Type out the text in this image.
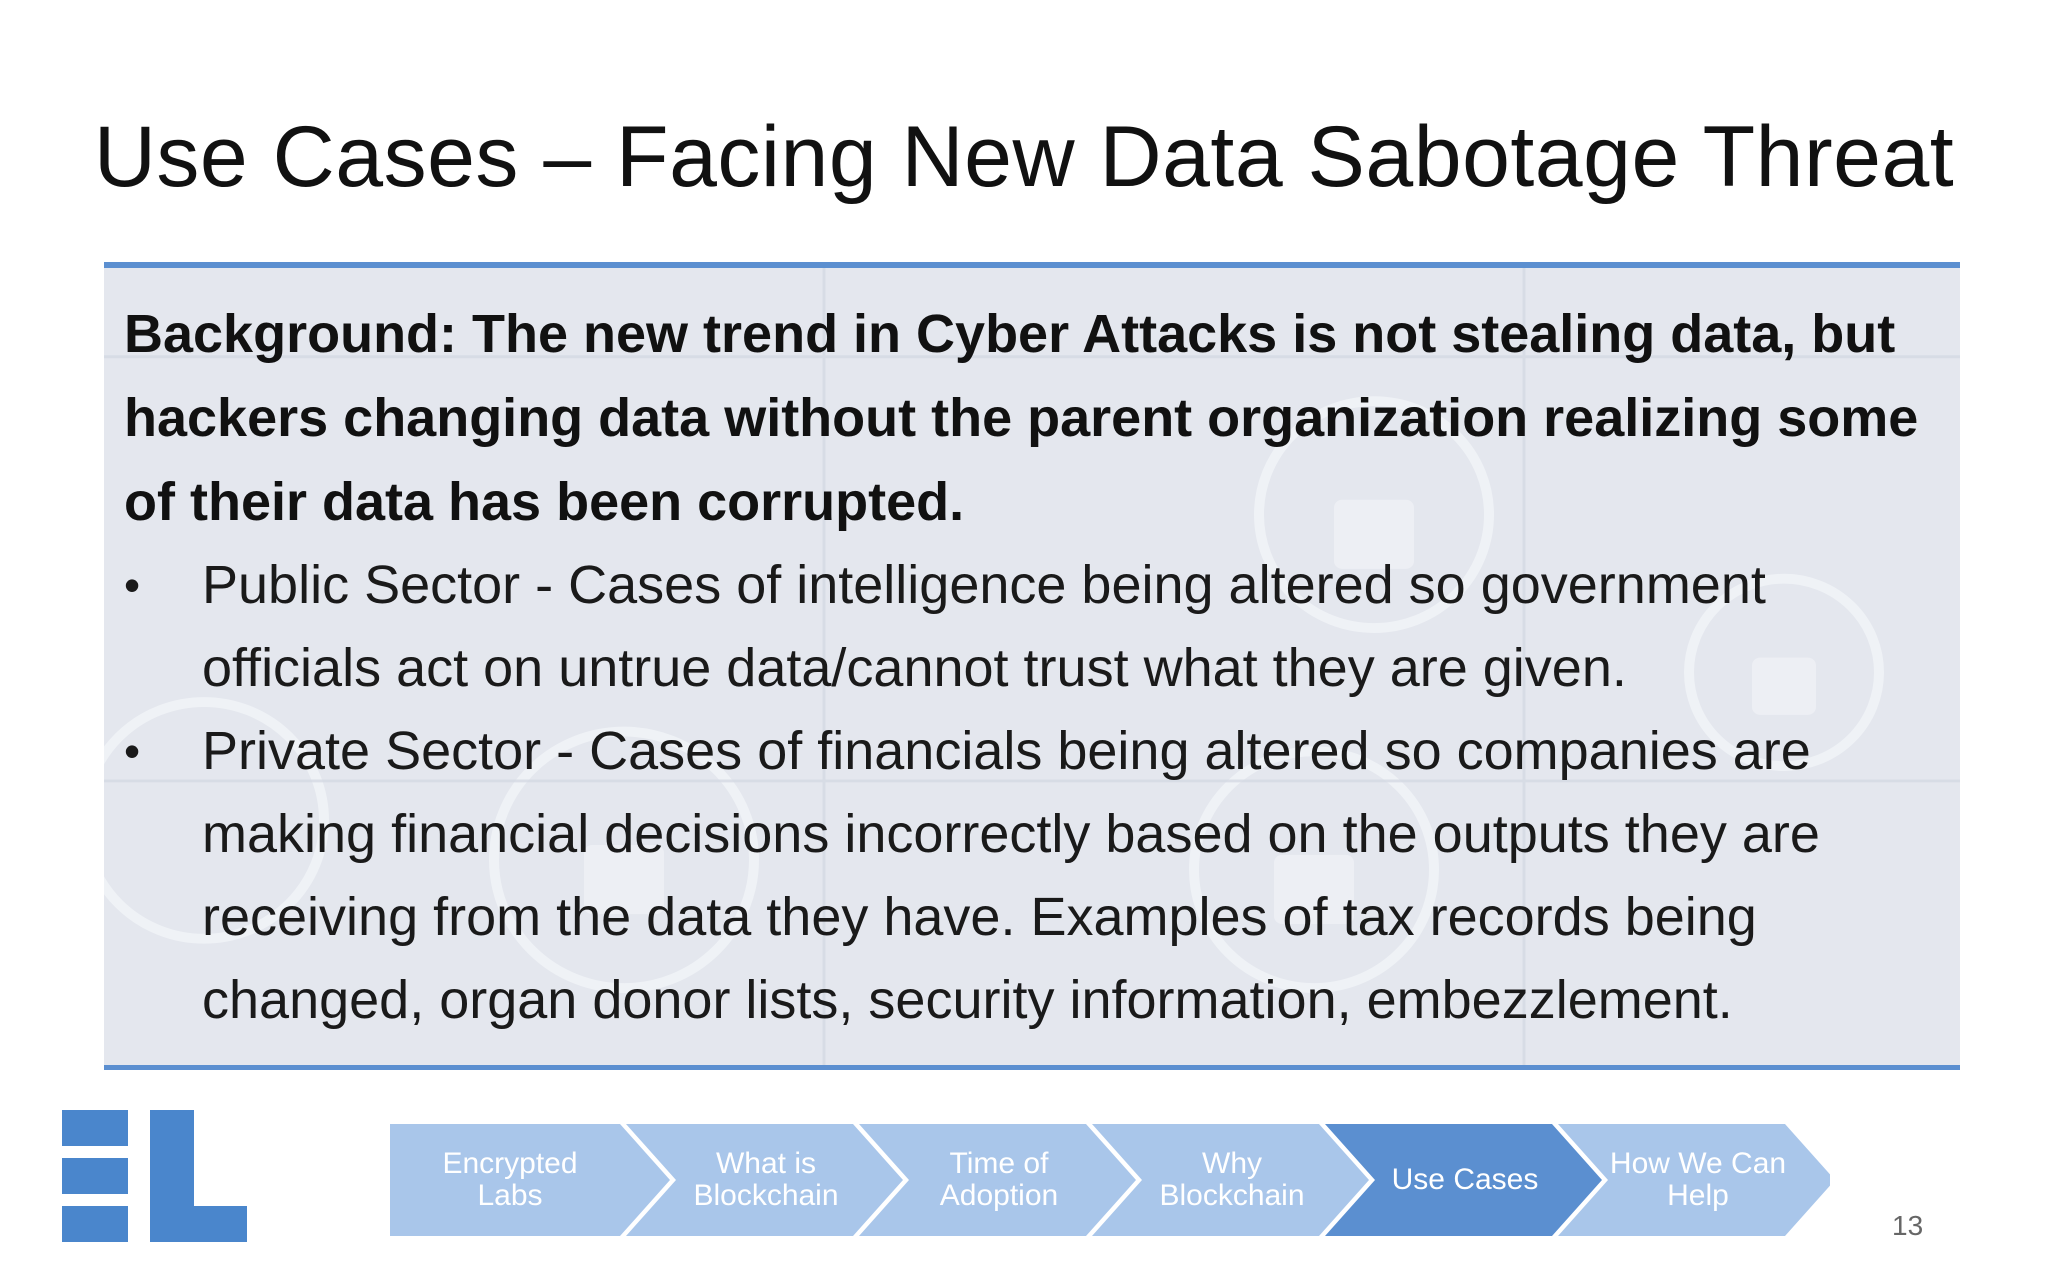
Use Cases – Facing New Data Sabotage Threat

Background: The new trend in Cyber Attacks is not stealing data, but hackers changing data without the parent organization realizing some of their data has been corrupted.

• Public Sector - Cases of intelligence being altered so government officials act on untrue data/cannot trust what they are given.
• Private Sector - Cases of financials being altered so companies are making financial decisions incorrectly based on the outputs they are receiving from the data they have. Examples of tax records being changed, organ donor lists, security information, embezzlement.
Encrypted Labs
What is Blockchain
Time of Adoption
Why Blockchain	Use Cases	How We Can Help
13
